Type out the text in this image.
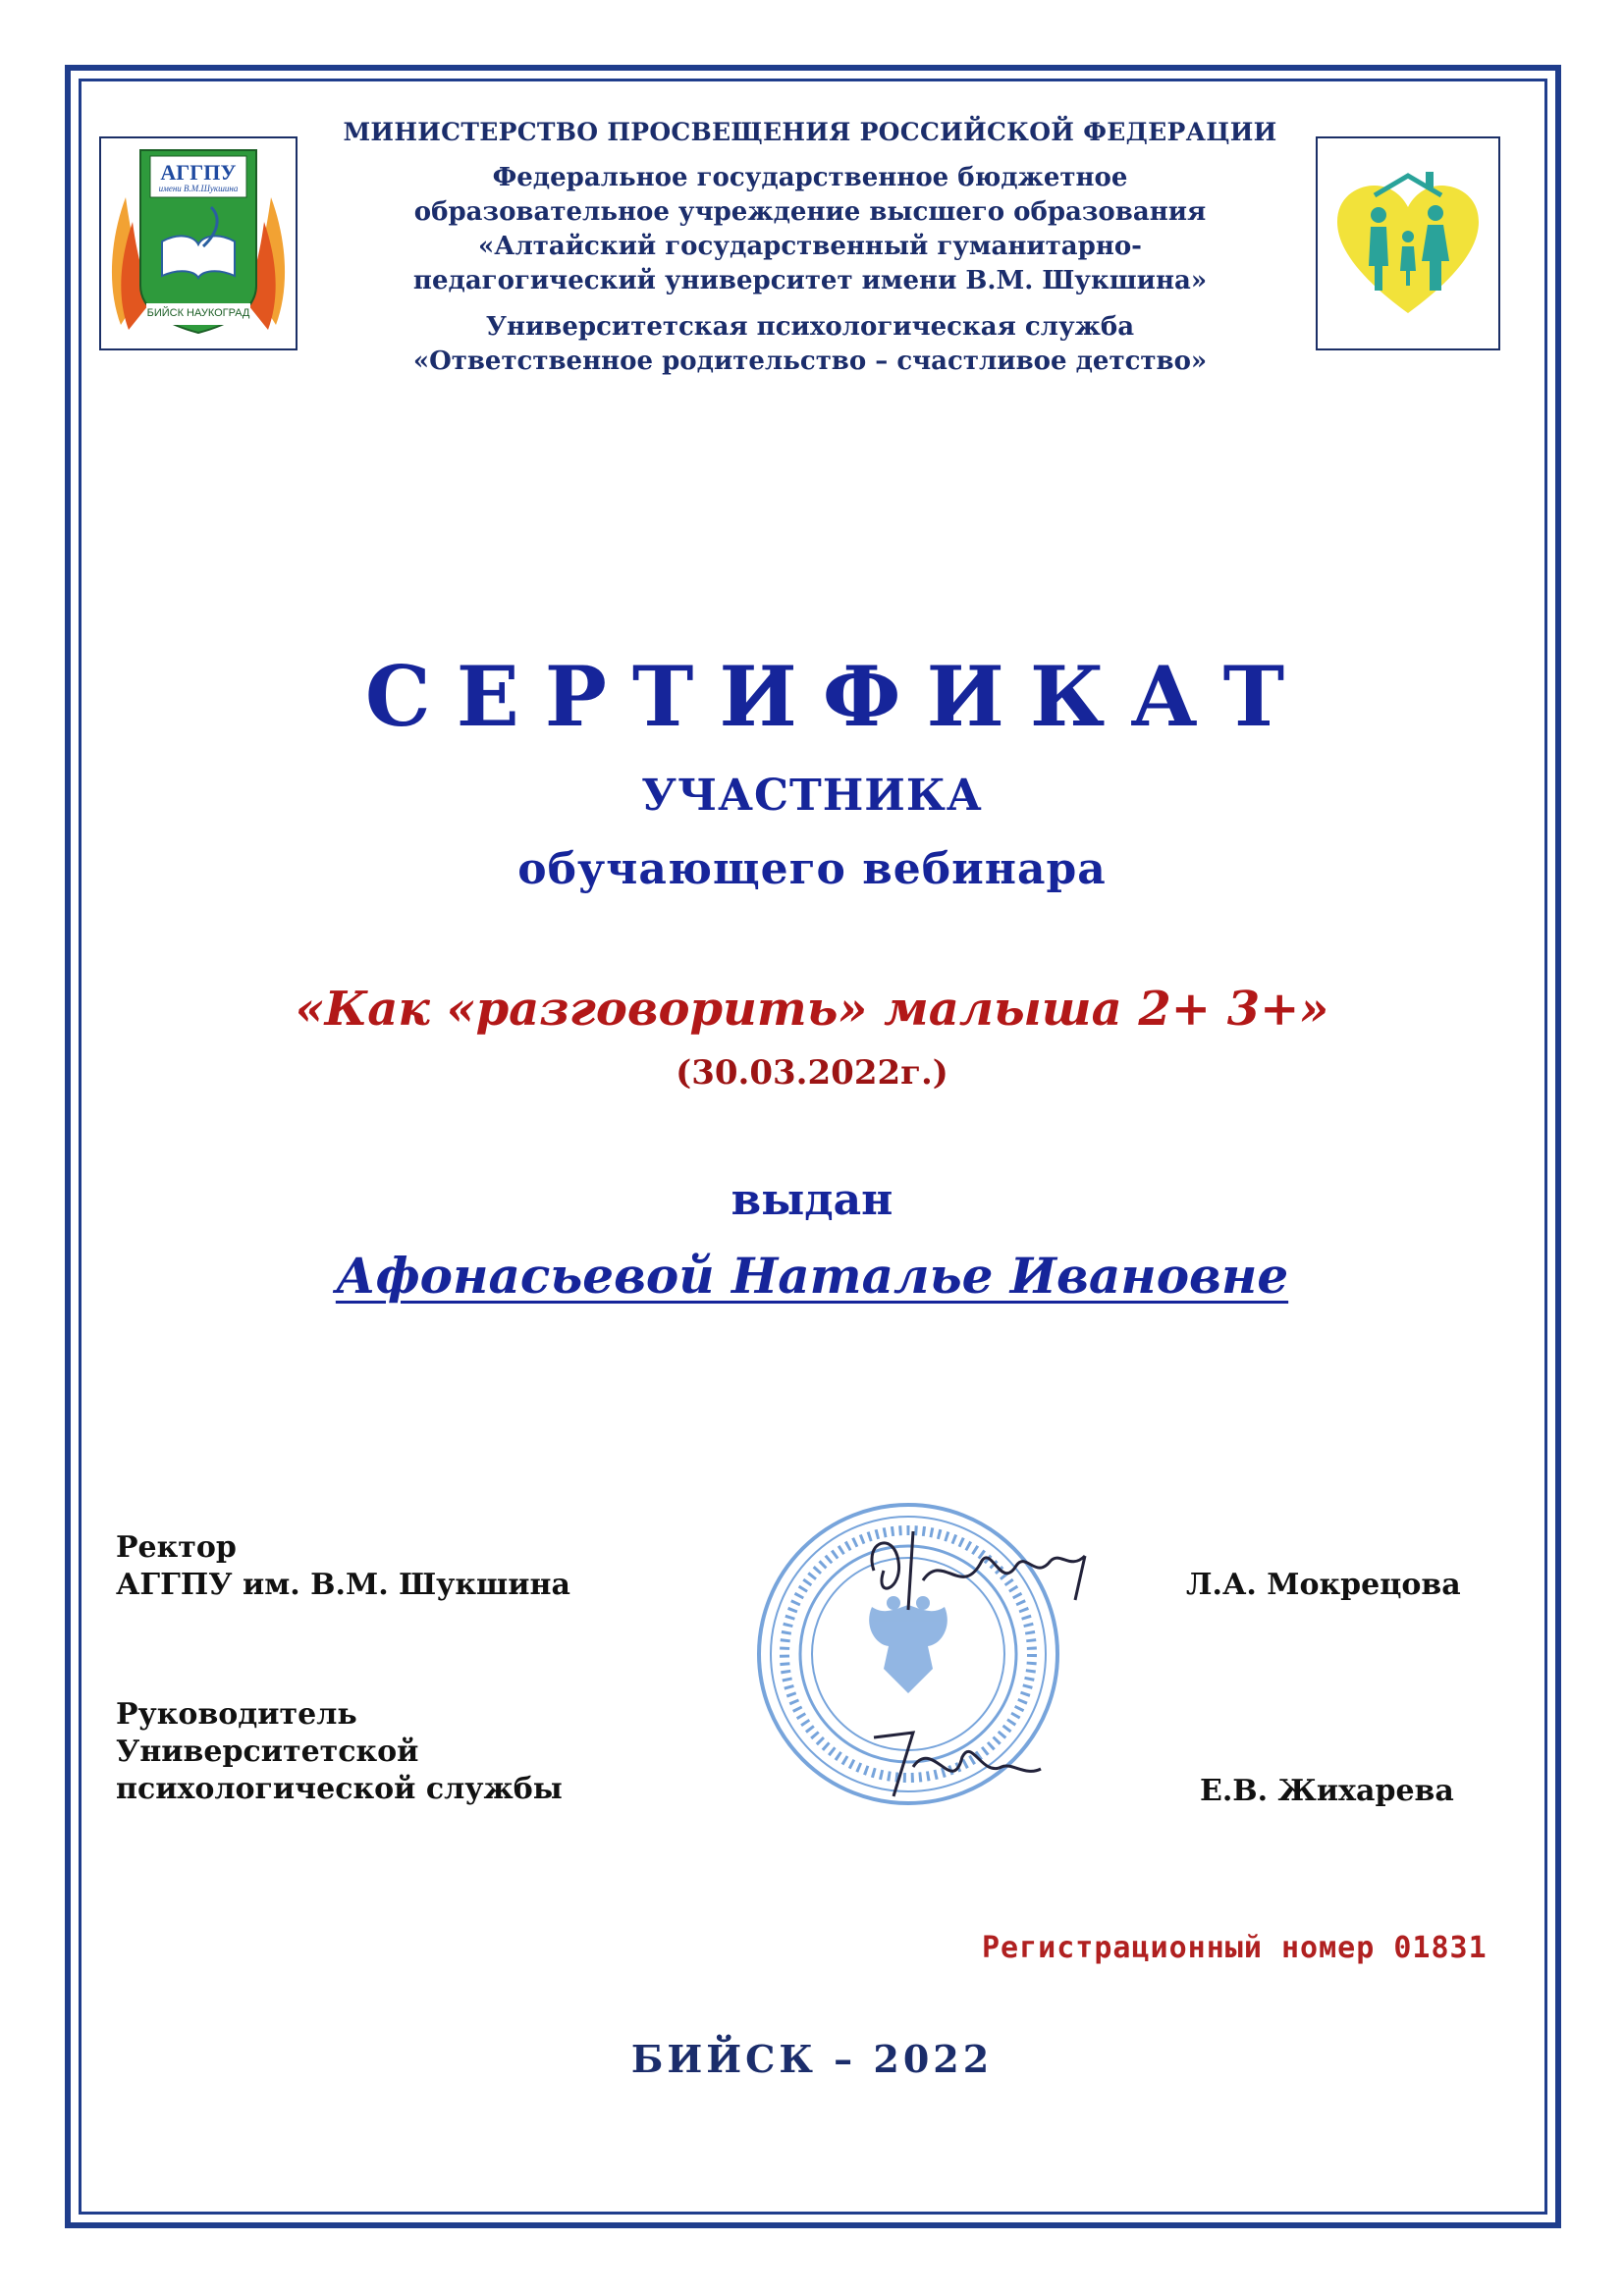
АГГПУ
имени В.М.Шукшина
БИЙСК НАУКОГРАД
МИНИСТЕРСТВО ПРОСВЕЩЕНИЯ РОССИЙСКОЙ ФЕДЕРАЦИИ
Федеральное государственное бюджетное
образовательное учреждение высшего образования
«Алтайский государственный гуманитарно-
педагогический университет имени В.М. Шукшина»
Университетская психологическая служба
«Ответственное родительство – счастливое детство»
СЕРТИФИКАТ
УЧАСТНИКА
обучающего вебинара
«Как «разговорить» малыша 2+ 3+»
(30.03.2022г.)
выдан
Афонасьевой Наталье Ивановне
Ректор
АГГПУ им. В.М. Шукшина	Л.А. Мокрецова
Руководитель
Университетской
психологической службы	Е.В. Жихарева
Регистрационный номер 01831
БИЙСК – 2022
